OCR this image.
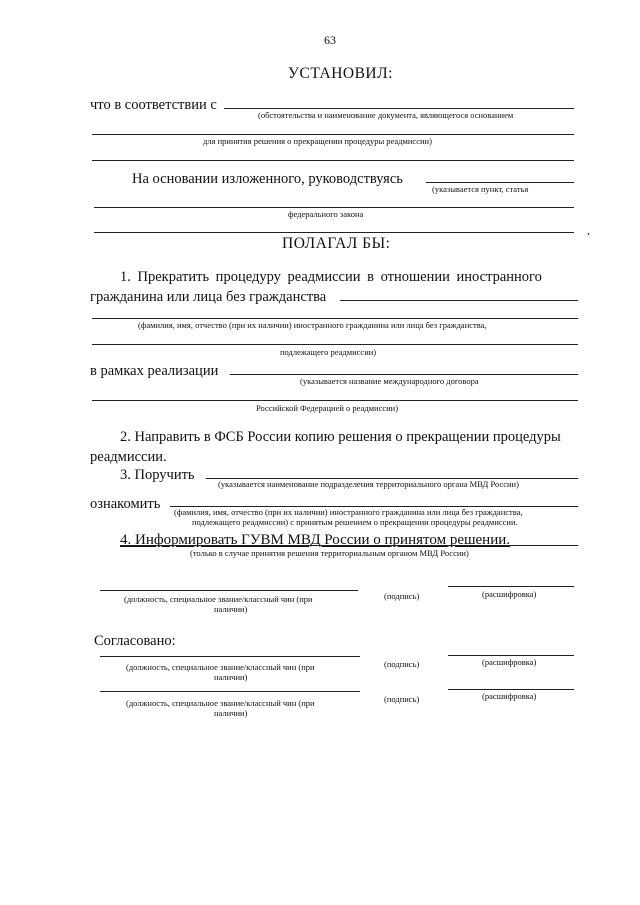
63
УСТАНОВИЛ:
что в соответствии с
(обстоятельства и наименование документа, являющегося основанием
для принятия решения о прекращении процедуры реадмиссии)
На основании изложенного, руководствуясь
(указывается пункт, статья
федерального закона
,
ПОЛАГАЛ БЫ:
1. Прекратить процедуру реадмиссии в отношении иностранного
гражданина или лица без гражданства
(фамилия, имя, отчество (при их наличии) иностранного гражданина или лица без гражданства,
подлежащего реадмиссии)
в рамках реализации
(указывается название международного договора
Российской Федерацией о реадмиссии)
2. Направить в ФСБ России копию решения о прекращении процедуры
реадмиссии.
3. Поручить
(указывается наименование подразделения территориального органа МВД России)
ознакомить (фамилия, имя, отчество (при их наличии) иностранного гражданина или лица без гражданства,
подлежащего реадмиссии) с принятым решением о прекращении процедуры реадмиссии.
4. Информировать ГУВМ МВД России о принятом решении.
(только в случае принятия решения территориальным органом МВД России)
(должность, специальное звание/классный чин (при
наличии)
(подпись)	(расшифровка)
Согласовано:
(должность, специальное звание/классный чин (при
наличии)
(подпись)	(расшифровка)
(должность, специальное звание/классный чин (при
наличии)
(подпись)	(расшифровка)
